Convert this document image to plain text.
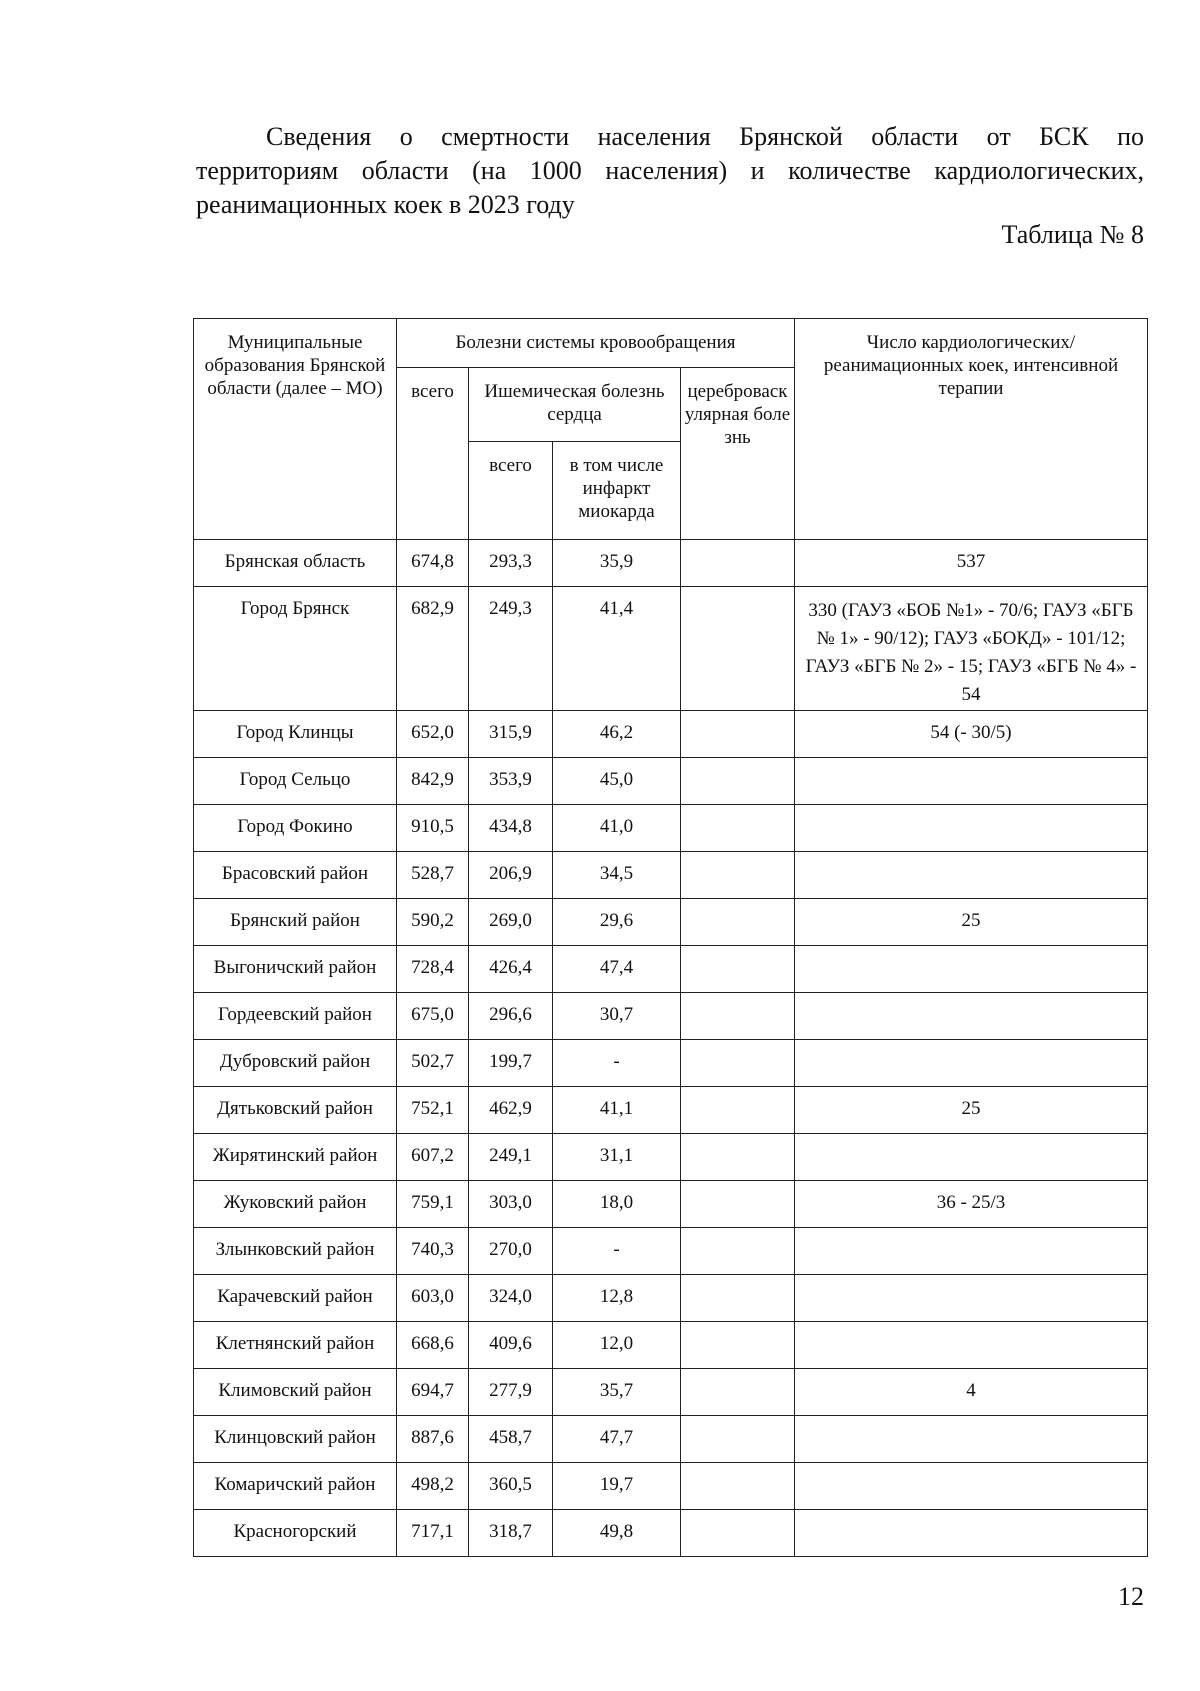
Сведения о смертности населения Брянской области от БСК по
территориям области (на 1000 населения) и количестве кардиологических,
реанимационных коек в 2023 году
Таблица № 8
Муниципальные образования Брянской области (далее – МО)	Болезни системы кровообращения				Число кардиологических/реанимационных коек, интенсивной терапии
	всего	Ишемическая болезнь сердца		цереброваскулярная болезнь	
		всего	в том числе инфаркт миокарда		
Брянская область	674,8	293,3	35,9		537
Город Брянск	682,9	249,3	41,4		330 (ГАУЗ «БОБ №1» - 70/6; ГАУЗ «БГБ № 1» - 90/12); ГАУЗ «БОКД» - 101/12; ГАУЗ «БГБ № 2» - 15; ГАУЗ «БГБ № 4» - 54
Город Клинцы	652,0	315,9	46,2		54 (- 30/5)
Город Сельцо	842,9	353,9	45,0		
Город Фокино	910,5	434,8	41,0		
Брасовский район	528,7	206,9	34,5		
Брянский район	590,2	269,0	29,6		25
Выгоничский район	728,4	426,4	47,4		
Гордеевский район	675,0	296,6	30,7		
Дубровский район	502,7	199,7	-		
Дятьковский район	752,1	462,9	41,1		25
Жирятинский район	607,2	249,1	31,1		
Жуковский район	759,1	303,0	18,0		36 - 25/3
Злынковский район	740,3	270,0	-		
Карачевский район	603,0	324,0	12,8		
Клетнянский район	668,6	409,6	12,0		
Климовский район	694,7	277,9	35,7		4
Клинцовский район	887,6	458,7	47,7		
Комаричский район	498,2	360,5	19,7		
Красногорский	717,1	318,7	49,8		
12
